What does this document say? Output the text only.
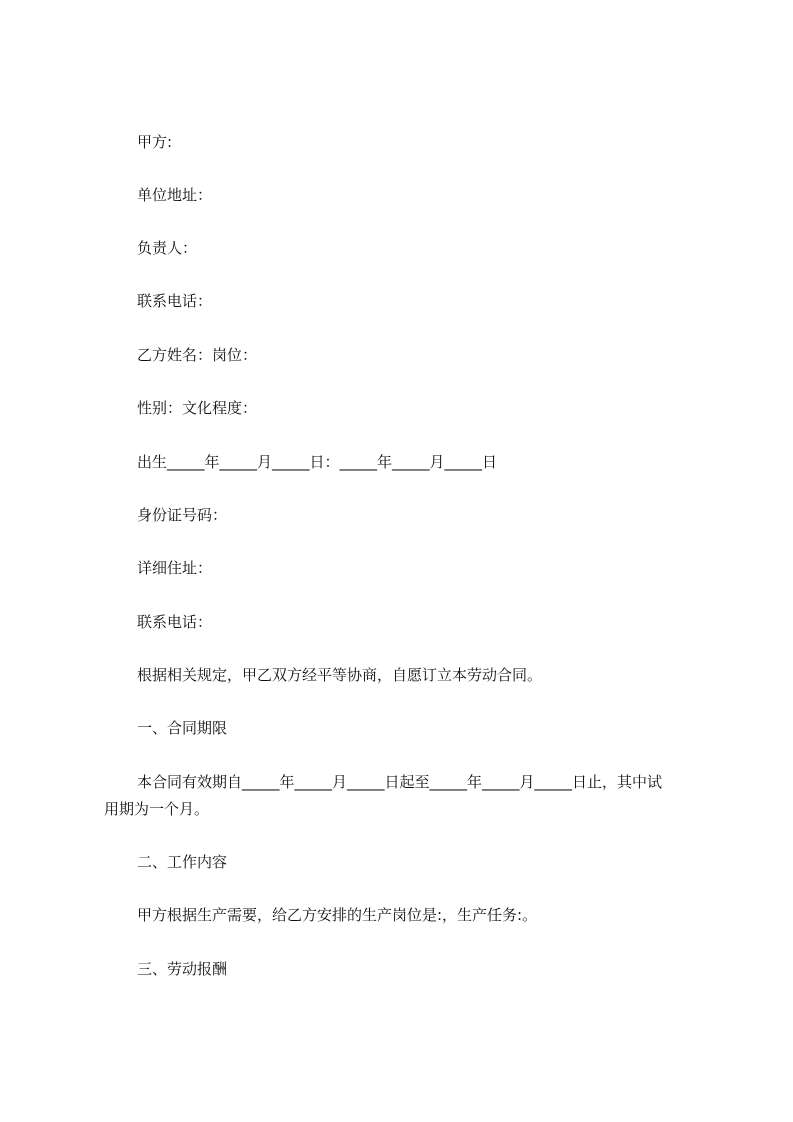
甲方:
单位地址：
负责人：
联系电话：
乙方姓名：岗位：
性别：文化程度：
出生_____年_____月_____日：_____年_____月_____日
身份证号码：
详细住址：
联系电话：
根据相关规定，甲乙双方经平等协商，自愿订立本劳动合同。
一、合同期限
本合同有效期自_____年_____月_____日起至_____年_____月_____日止，其中试
用期为一个月。
二、工作内容
甲方根据生产需要，给乙方安排的生产岗位是:，生产任务:。
三、劳动报酬
